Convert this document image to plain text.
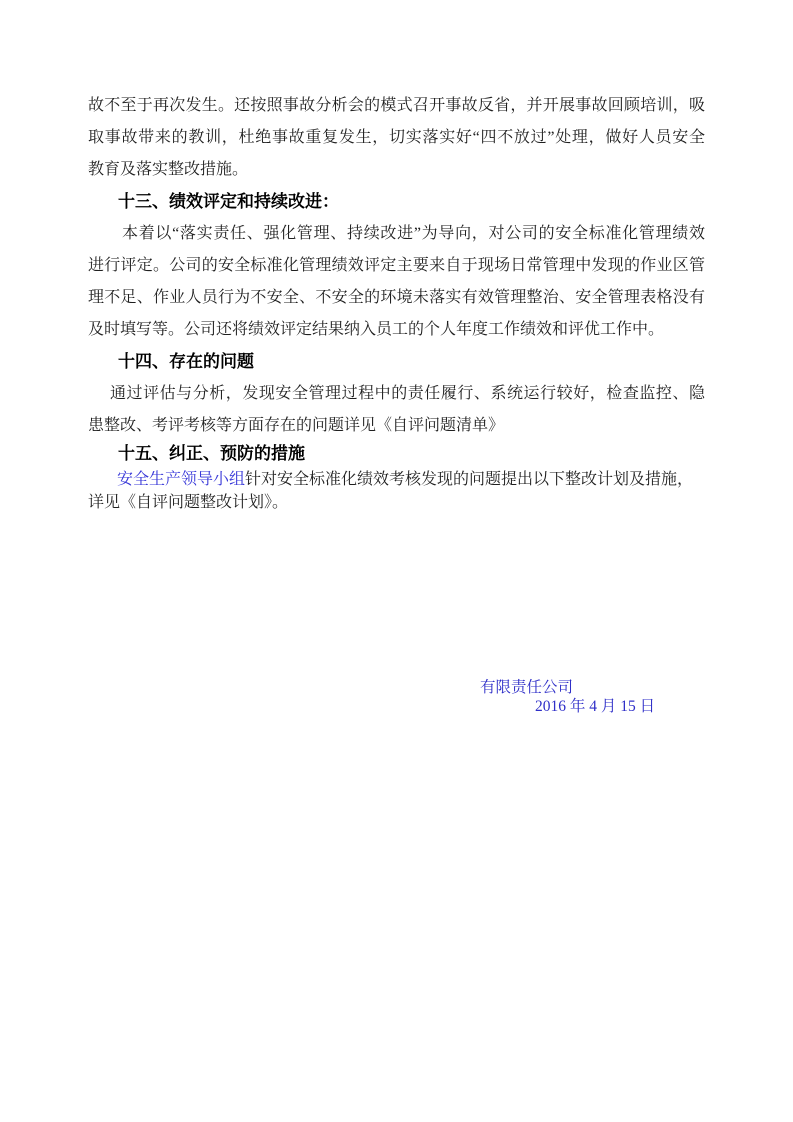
故不至于再次发生。还按照事故分析会的模式召开事故反省，并开展事故回顾培训，吸
取事故带来的教训，杜绝事故重复发生，切实落实好“四不放过”处理，做好人员安全
教育及落实整改措施。
十三、绩效评定和持续改进：
本着以“落实责任、强化管理、持续改进”为导向，对公司的安全标准化管理绩效
进行评定。公司的安全标准化管理绩效评定主要来自于现场日常管理中发现的作业区管
理不足、作业人员行为不安全、不安全的环境未落实有效管理整治、安全管理表格没有
及时填写等。公司还将绩效评定结果纳入员工的个人年度工作绩效和评优工作中。
十四、存在的问题
通过评估与分析，发现安全管理过程中的责任履行、系统运行较好，检查监控、隐
患整改、考评考核等方面存在的问题详见《自评问题清单》
十五、纠正、预防的措施
安全生产领导小组针对安全标准化绩效考核发现的问题提出以下整改计划及措施，
详见《自评问题整改计划》。
有限责任公司
2016 年 4 月 15 日
